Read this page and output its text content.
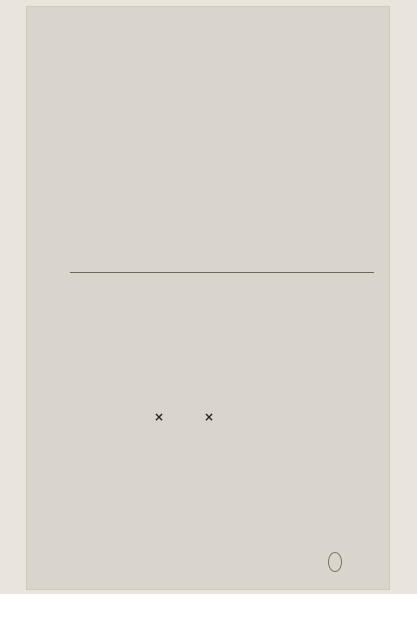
×	×
